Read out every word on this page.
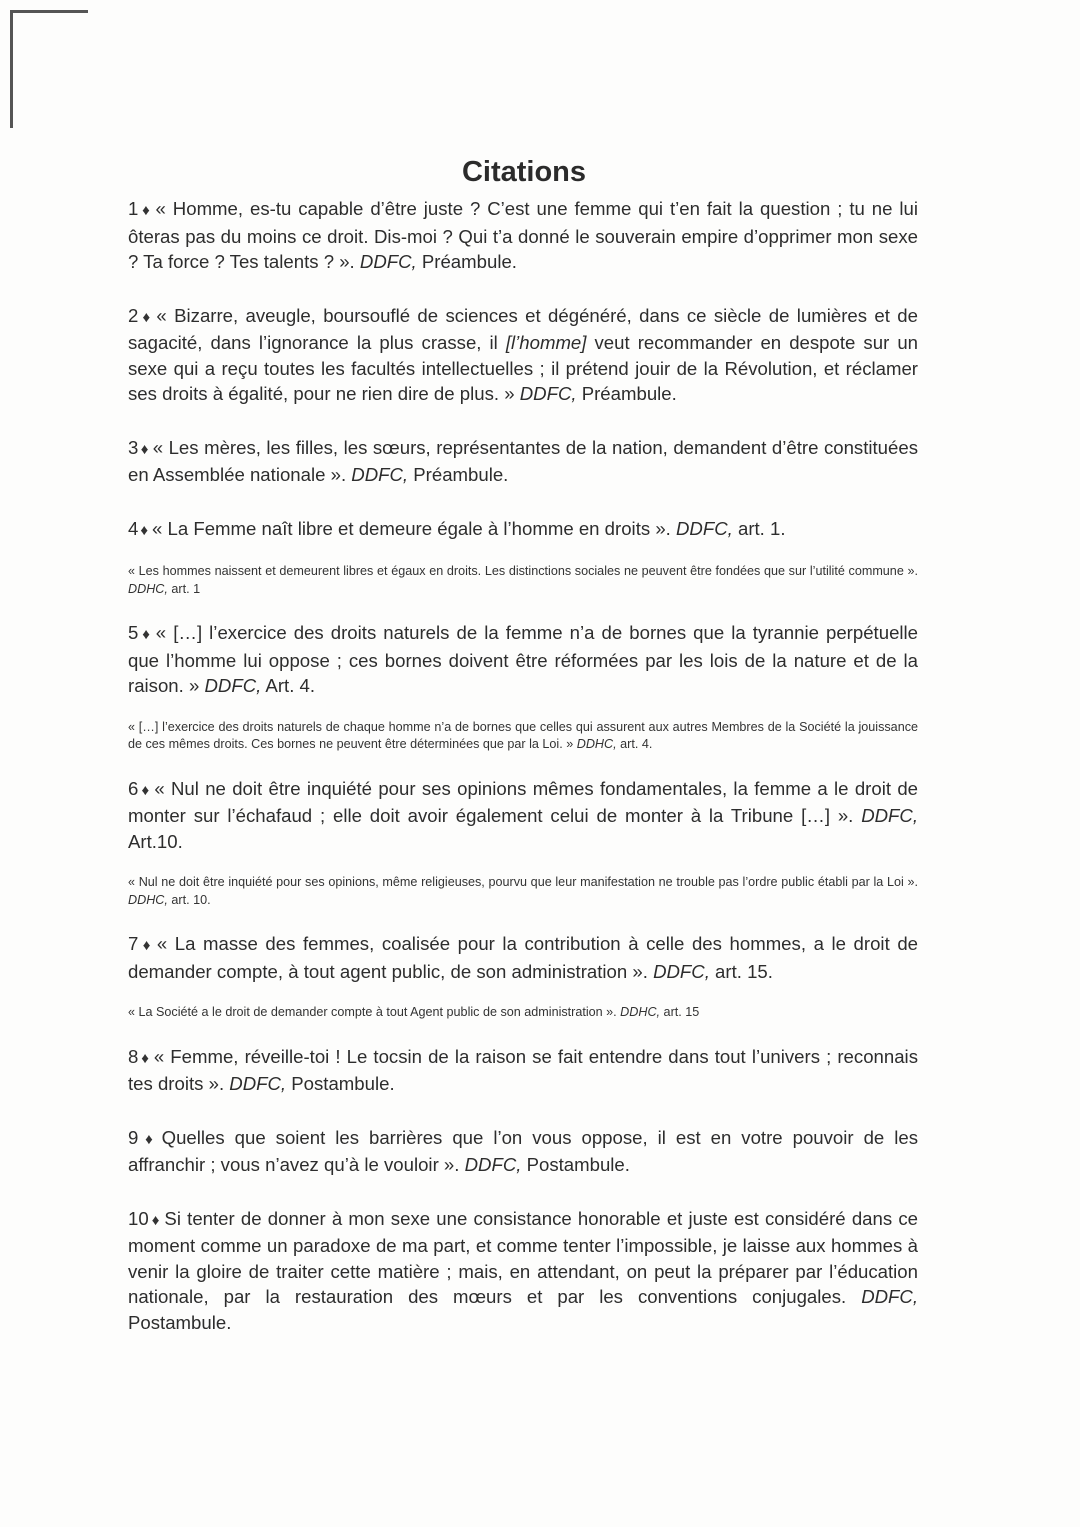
Citations
1 ♦ « Homme, es-tu capable d’être juste ? C’est une femme qui t’en fait la question ; tu ne lui ôteras pas du moins ce droit. Dis-moi ? Qui t’a donné le souverain empire d’opprimer mon sexe ? Ta force ? Tes talents ? ». DDFC, Préambule.
2 ♦ « Bizarre, aveugle, boursouflé de sciences et dégénéré, dans ce siècle de lumières et de sagacité, dans l’ignorance la plus crasse, il [l’homme] veut recommander en despote sur un sexe qui a reçu toutes les facultés intellectuelles ; il prétend jouir de la Révolution, et réclamer ses droits à égalité, pour ne rien dire de plus. » DDFC, Préambule.
3 ♦ « Les mères, les filles, les sœurs, représentantes de la nation, demandent d’être constituées en Assemblée nationale ». DDFC, Préambule.
4 ♦ « La Femme naît libre et demeure égale à l’homme en droits ». DDFC, art. 1.
« Les hommes naissent et demeurent libres et égaux en droits. Les distinctions sociales ne peuvent être fondées que sur l’utilité commune ». DDHC, art. 1
5 ♦ « […] l’exercice des droits naturels de la femme n’a de bornes que la tyrannie perpétuelle que l’homme lui oppose ; ces bornes doivent être réformées par les lois de la nature et de la raison. » DDFC, Art. 4.
« […] l’exercice des droits naturels de chaque homme n’a de bornes que celles qui assurent aux autres Membres de la Société la jouissance de ces mêmes droits. Ces bornes ne peuvent être déterminées que par la Loi. » DDHC, art. 4.
6 ♦ « Nul ne doit être inquiété pour ses opinions mêmes fondamentales, la femme a le droit de monter sur l’échafaud ; elle doit avoir également celui de monter à la Tribune […] ». DDFC, Art.10.
« Nul ne doit être inquiété pour ses opinions, même religieuses, pourvu que leur manifestation ne trouble pas l’ordre public établi par la Loi ». DDHC, art. 10.
7 ♦ « La masse des femmes, coalisée pour la contribution à celle des hommes, a le droit de demander compte, à tout agent public, de son administration ». DDFC, art. 15.
« La Société a le droit de demander compte à tout Agent public de son administration ». DDHC, art. 15
8 ♦ « Femme, réveille-toi ! Le tocsin de la raison se fait entendre dans tout l’univers ; reconnais tes droits ». DDFC, Postambule.
9 ♦ Quelles que soient les barrières que l’on vous oppose, il est en votre pouvoir de les affranchir ; vous n’avez qu’à le vouloir ». DDFC, Postambule.
10 ♦ Si tenter de donner à mon sexe une consistance honorable et juste est considéré dans ce moment comme un paradoxe de ma part, et comme tenter l’impossible, je laisse aux hommes à venir la gloire de traiter cette matière ; mais, en attendant, on peut la préparer par l’éducation nationale, par la restauration des mœurs et par les conventions conjugales. DDFC, Postambule.
